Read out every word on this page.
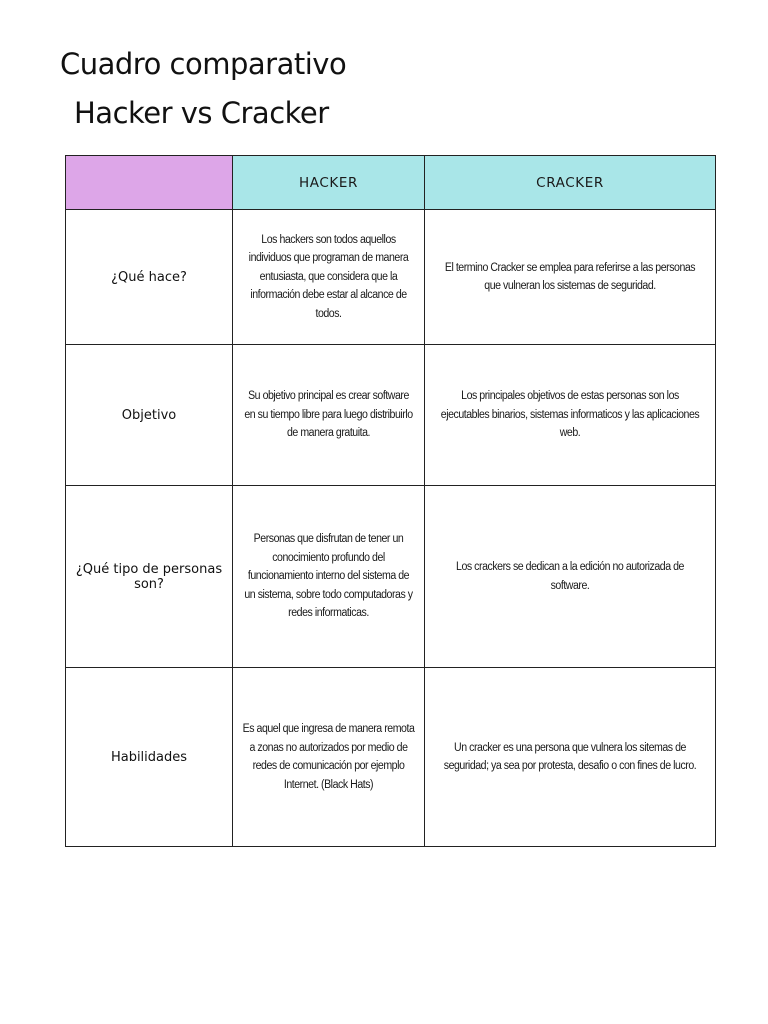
Cuadro comparativo
Hacker vs Cracker
	HACKER	CRACKER
¿Qué hace?	Los hackers son todos aquellos individuos que programan de manera entusiasta, que considera que la información debe estar al alcance de todos.	El termino Cracker se emplea para referirse a las personas que vulneran los sistemas de seguridad.

Objetivo	Su objetivo principal es crear software en su tiempo libre para luego distribuirlo de manera gratuita.	Los principales objetivos de estas personas son los ejecutables binarios, sistemas informaticos y las aplicaciones web.

¿Qué tipo de personas son?	Personas que disfrutan de tener un conocimiento profundo del funcionamiento interno del sistema de un sistema, sobre todo computadoras y redes informaticas.	Los crackers se dedican a la edición no autorizada de software.

Habilidades	Es aquel que ingresa de manera remota a zonas no autorizados por medio de redes de comunicación por ejemplo Internet. (Black Hats)	Un cracker es una persona que vulnera los sitemas de seguridad; ya sea por protesta, desafio o con fines de lucro.
